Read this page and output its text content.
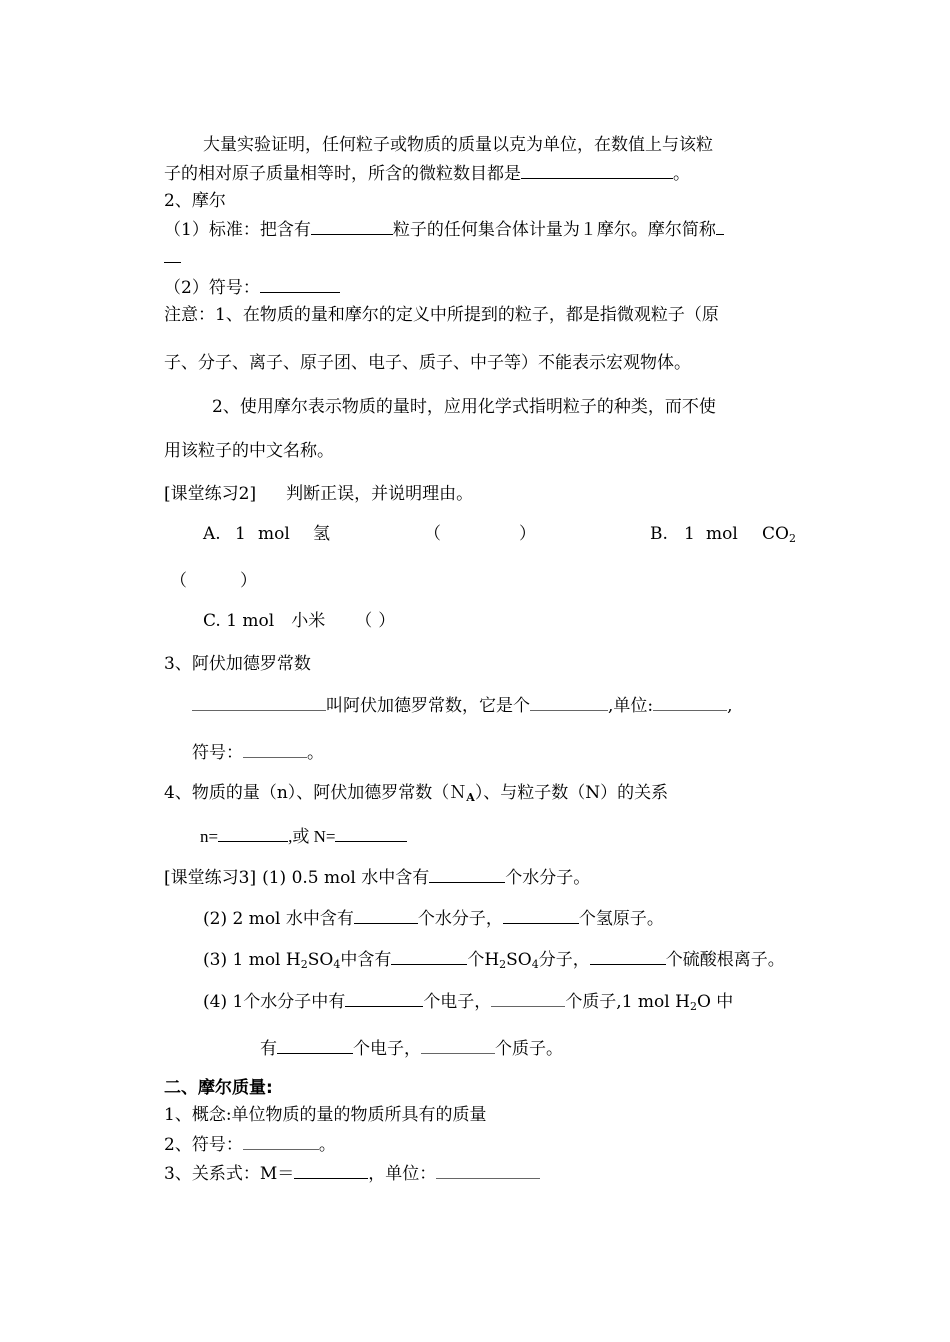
大量实验证明，任何粒子或物质的质量以克为单位，在数值上与该粒
子的相对原子质量相等时，所含的微粒数目都是	。
2、摩尔
（1）标准：把含有	粒子的任何集合体计量为１摩尔。摩尔简称
（2）符号：
注意：1、在物质的量和摩尔的定义中所提到的粒子，都是指微观粒子（原
子、分子、离子、原子团、电子、质子、中子等）不能表示宏观物体。
2、使用摩尔表示物质的量时，应用化学式指明粒子的种类，而不使
用该粒子的中文名称。
[课堂练习2] 判断正误，并说明理由。
A. 1 mol 氢	（	）	B. 1 mol $CO_2$
（	）
C. 1 mol　小米 （ ）
3、阿伏加德罗常数
叫阿伏加德罗常数，它是个	,单位:	,
符号：	。
4、物质的量（n）、阿伏加德罗常数（Ｎ$_A$）、与粒子数（N）的关系
n=	,或 N=
[课堂练习3] (1) 0.5 mol 水中含有	个水分子。
(2) 2 mol 水中含有	个水分子，	个氢原子。
(3) 1 mol $H_2SO_4$中含有	个$H_2SO_4$分子，	个硫酸根离子。
(4) 1个水分子中有	个电子，	个质子,1 mol $H_2O$ 中
有	个电子，	个质子。
二、摩尔质量:
1、概念:单位物质的量的物质所具有的质量
2、符号：	。
3、关系式：M＝	，单位：
